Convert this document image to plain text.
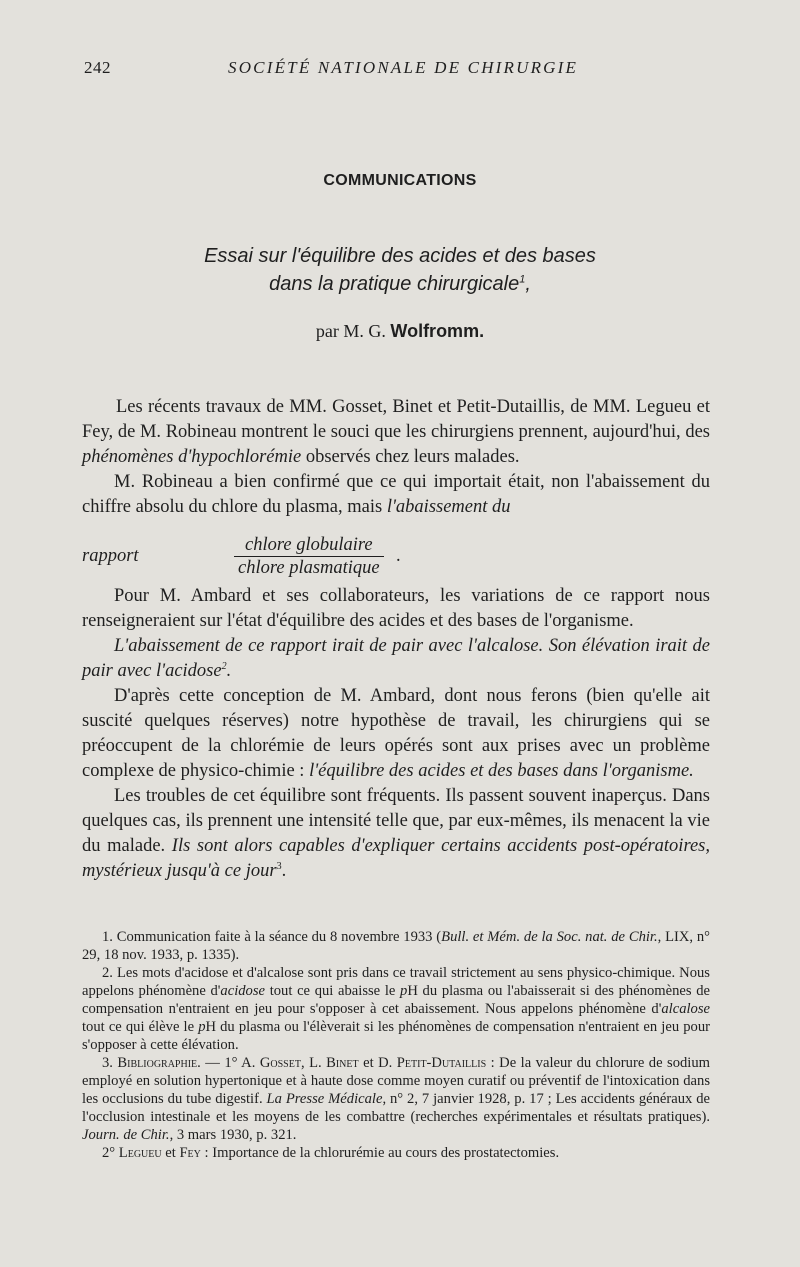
242	SOCIÉTÉ NATIONALE DE CHIRURGIE
COMMUNICATIONS
Essai sur l'équilibre des acides et des bases
dans la pratique chirurgicale$^1$,
par M. G. Wolfromm.

Les récents travaux de MM. Gosset, Binet et Petit-Dutaillis, de MM. Legueu et Fey, de M. Robineau montrent le souci que les chirurgiens prennent, aujourd'hui, des phénomènes d'hypochlorémie observés chez leurs malades.

M. Robineau a bien confirmé que ce qui importait était, non l'abaissement du chiffre absolu du chlore du plasma, mais l'abaissement du

rapport
chlore globulaire
chlore plasmatique
.

Pour M. Ambard et ses collaborateurs, les variations de ce rapport nous renseigneraient sur l'état d'équilibre des acides et des bases de l'organisme.

L'abaissement de ce rapport irait de pair avec l'alcalose. Son élévation irait de pair avec l'acidose$^2$.

D'après cette conception de M. Ambard, dont nous ferons (bien qu'elle ait suscité quelques réserves) notre hypothèse de travail, les chirurgiens qui se préoccupent de la chlorémie de leurs opérés sont aux prises avec un problème complexe de physico-chimie : l'équilibre des acides et des bases dans l'organisme.

Les troubles de cet équilibre sont fréquents. Ils passent souvent inaperçus. Dans quelques cas, ils prennent une intensité telle que, par eux-mêmes, ils menacent la vie du malade. Ils sont alors capables d'expliquer certains accidents post-opératoires, mystérieux jusqu'à ce jour$^3$.

1. Communication faite à la séance du 8 novembre 1933 (Bull. et Mém. de la Soc. nat. de Chir., LIX, n° 29, 18 nov. 1933, p. 1335).

2. Les mots d'acidose et d'alcalose sont pris dans ce travail strictement au sens physico-chimique. Nous appelons phénomène d'acidose tout ce qui abaisse le pH du plasma ou l'abaisserait si des phénomènes de compensation n'entraient en jeu pour s'opposer à cet abaissement. Nous appelons phénomène d'alcalose tout ce qui élève le pH du plasma ou l'élèverait si les phénomènes de compensation n'entraient en jeu pour s'opposer à cette élévation.

3. Bibliographie. — 1° A. Gosset, L. Binet et D. Petit-Dutaillis : De la valeur du chlorure de sodium employé en solution hypertonique et à haute dose comme moyen curatif ou préventif de l'intoxication dans les occlusions du tube digestif. La Presse Médicale, n° 2, 7 janvier 1928, p. 17 ; Les accidents généraux de l'occlusion intestinale et les moyens de les combattre (recherches expérimentales et résultats pratiques). Journ. de Chir., 3 mars 1930, p. 321.

2° Legueu et Fey : Importance de la chlorurémie au cours des prostatectomies.
